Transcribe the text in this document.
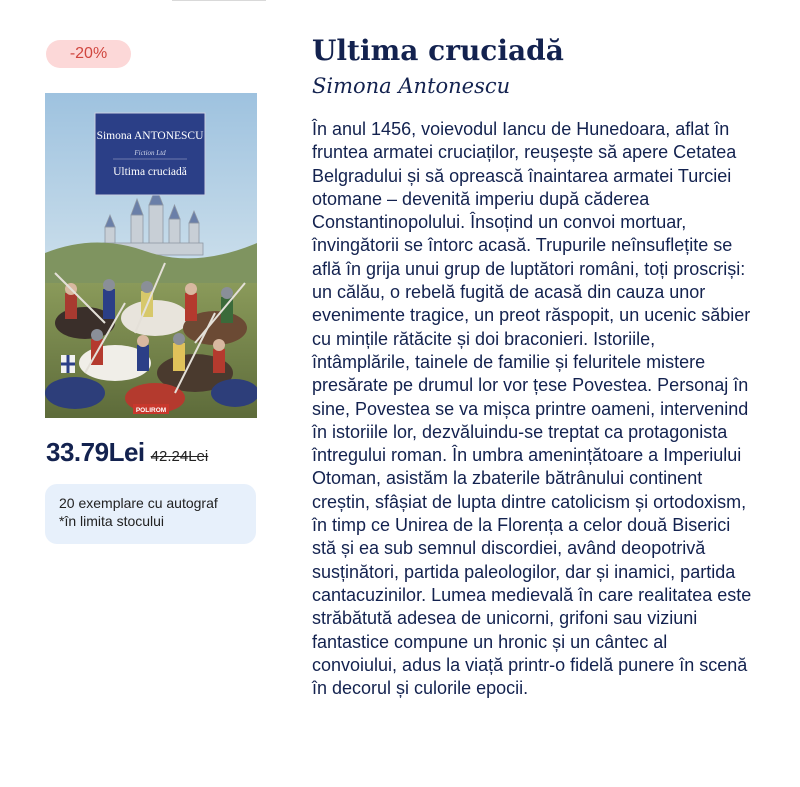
-20%
Simona ANTONESCU
Fiction Ltd
Ultima cruciadă
POLIROM
33.79Lei 42.24Lei
20 exemplare cu autograf
*în limita stocului
Ultima cruciadă
Simona Antonescu

În anul 1456, voievodul Iancu de Hunedoara, aflat în fruntea armatei cruciaților, reușește să apere Cetatea Belgradului și să oprească înaintarea armatei Turciei otomane – devenită imperiu după căderea Constantinopolului. Însoțind un convoi mortuar, învingătorii se întorc acasă. Trupurile neînsuflețite se află în grija unui grup de luptători români, toți proscriși: un călău, o rebelă fugită de acasă din cauza unor evenimente tragice, un preot răspopit, un ucenic săbier cu mințile rătăcite și doi braconieri. Istoriile, întâmplările, tainele de familie și feluritele mistere presărate pe drumul lor vor țese Povestea. Personaj în sine, Povestea se va mișca printre oameni, intervenind în istoriile lor, dezvăluindu-se treptat ca protagonista întregului roman. În umbra amenințătoare a Imperiului Otoman, asistăm la zbaterile bătrânului continent creștin, sfâșiat de lupta dintre catolicism și ortodoxism, în timp ce Unirea de la Florența a celor două Biserici stă și ea sub semnul discordiei, având deopotrivă susținători, partida paleologilor, dar și inamici, partida cantacuzinilor. Lumea medievală în care realitatea este străbătută adesea de unicorni, grifoni sau viziuni fantastice compune un hronic și un cântec al convoiului, adus la viață printr-o fidelă punere în scenă în decorul și culorile epocii.
